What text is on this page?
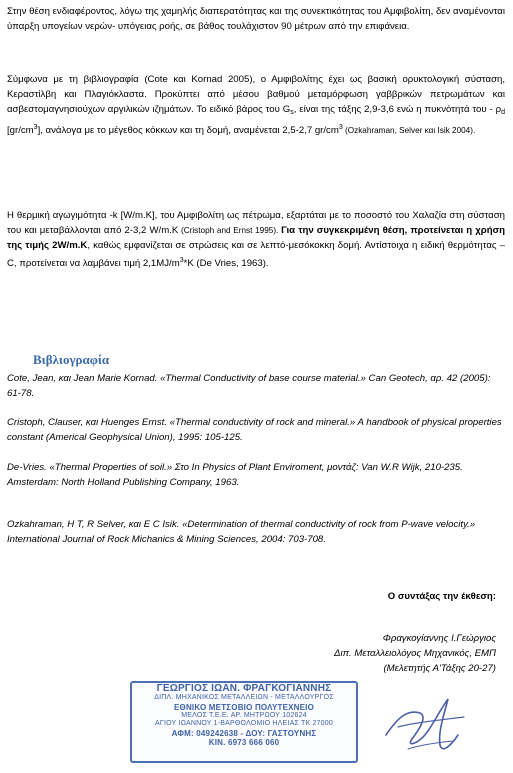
Στην θέση ενδιαφέροντος, λόγω της χαμηλής διαπερατότητας και της συνεκτικότητας του Αμφιβολίτη, δεν αναμένονται ύπαρξη υπογείων νερών- υπόγειας ροής, σε βάθος τουλάχιστον 90 μέτρων από την επιφάνεια.

Σύμφωνα με τη βιβλιογραφία (Cote και Kornad 2005), ο Αμφιβολίτης έχει ως βασική ορυκτολογική σύσταση, Κεραστίλβη και Πλαγιόκλαστα. Προκύπτει από μέσου βαθμού μεταμόρφωση γαββρικών πετρωμάτων και ασβεστομαγνησιούχων αργιλικών ιζημάτων. Το ειδικό βάρος του $G_s$, είναι της τάξης 2,9-3,6 ενώ η πυκνότητά του - $\rho_d$ $[gr/cm^3]$, ανάλογα με το μέγεθος κόκκων και τη δομή, αναμένεται 2,5-2,7 $gr/cm^3$ (Ozkahraman, Selver και Isik 2004).

Η θερμική αγωγιμότητα -k [W/m.K], του Αμφιβολίτη ως πέτρωμα, εξαρτάται με το ποσοστό του Χαλαζία στη σύσταση του και μεταβάλλονται από 2-3,2 W/m.K (Cristoph and Ernst 1995). Για την συγκεκριμένη θέση, προτείνεται η χρήση της τιμής 2W/m.K, καθώς εμφανίζεται σε στρώσεις και σε λεπτό-μεσόκοκκη δομή. Αντίστοιχα η ειδική θερμότητας – C, προτείνεται να λαμβάνει τιμή $2,1MJ/m^3*K$ (De Vries, 1963).

Βιβλιογραφία

Cote, Jean, και Jean Marie Kornad. «Thermal Conductivity of base course material.» Can Geotech, αρ. 42 (2005): 61-78.

Cristoph, Clauser, και Huenges Ernst. «Thermal conductivity of rock and mineral.» A handbook of physical properties constant (Americal Geophysical Union), 1995: 105-125.

De-Vries. «Thermal Properties of soil.» Στο In Physics of Plant Enviroment, μοντάζ: Van W.R Wijk, 210-235. Amsterdam: North Holland Publishing Company, 1963.

Ozkahraman, H T, R Selver, και E C Isik. «Determination of thermal conductivity of rock from P-wave velocity.» International Journal of Rock Michanics & Mining Sciences, 2004: 703-708.

Ο συντάξας την έκθεση:
Φραγκογίαννης Ι.Γεώργιος
Διπ. Μεταλλειολόγος Μηχανικός, ΕΜΠ
(Μελετητής Α'Τάξης 20-27)
ΓΕΩΡΓΙΟΣ ΙΩΑΝ. ΦΡΑΓΚΟΓΙΑΝΝΗΣ
ΔΙΠΛ. ΜΗΧΑΝΙΚΟΣ ΜΕΤΑΛΛΕΙΩΝ - ΜΕΤΑΛΛΟΥΡΓΟΣ
ΕΘΝΙΚΟ ΜΕΤΣΟΒΙΟ ΠΟΛΥΤΕΧΝΕΙΟ
ΜΕΛΟΣ Τ.Ε.Ε. ΑΡ. ΜΗΤΡΩΟΥ 102624
ΑΓΙΟΥ ΙΩΑΝΝΟΥ 1-ΒΑΡΘΟΛΟΜΙΟ ΗΛΕΙΑΣ ΤΚ 27000
ΑΦΜ: 049242638 - ΔΟΥ: ΓΑΣΤΟΥΝΗΣ
ΚΙΝ. 6973 666 060
